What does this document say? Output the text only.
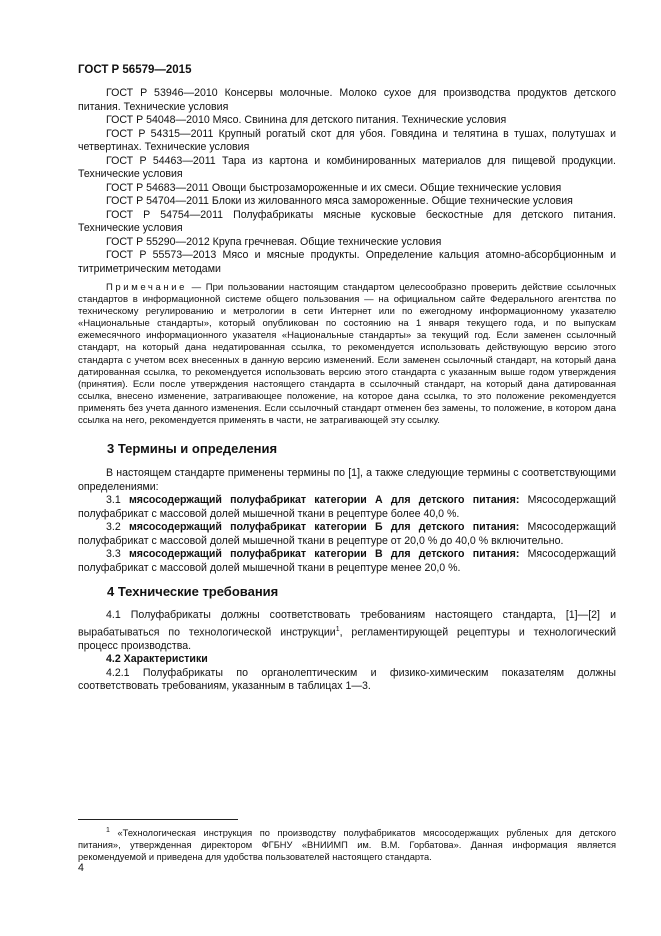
ГОСТ Р 56579—2015

ГОСТ Р 53946—2010 Консервы молочные. Молоко сухое для производства продуктов детского питания. Технические условия

ГОСТ Р 54048—2010 Мясо. Свинина для детского питания. Технические условия

ГОСТ Р 54315—2011 Крупный рогатый скот для убоя. Говядина и телятина в тушах, полутушах и четвертинах. Технические условия

ГОСТ Р 54463—2011 Тара из картона и комбинированных материалов для пищевой продукции. Технические условия

ГОСТ Р 54683—2011 Овощи быстрозамороженные и их смеси. Общие технические условия

ГОСТ Р 54704—2011 Блоки из жилованного мяса замороженные. Общие технические условия

ГОСТ Р 54754—2011 Полуфабрикаты мясные кусковые бескостные для детского питания. Технические условия

ГОСТ Р 55290—2012 Крупа гречневая. Общие технические условия

ГОСТ Р 55573—2013 Мясо и мясные продукты. Определение кальция атомно-абсорбционным и титриметрическим методами

Примечание — При пользовании настоящим стандартом целесообразно проверить действие ссылочных стандартов в информационной системе общего пользования — на официальном сайте Федерального агентства по техническому регулированию и метрологии в сети Интернет или по ежегодному информационному указателю «Национальные стандарты», который опубликован по состоянию на 1 января текущего года, и по выпускам ежемесячного информационного указателя «Национальные стандарты» за текущий год. Если заменен ссылочный стандарт, на который дана недатированная ссылка, то рекомендуется использовать действующую версию этого стандарта с учетом всех внесенных в данную версию изменений. Если заменен ссылочный стандарт, на который дана датированная ссылка, то рекомендуется использовать версию этого стандарта с указанным выше годом утверждения (принятия). Если после утверждения настоящего стандарта в ссылочный стандарт, на который дана датированная ссылка, внесено изменение, затрагивающее положение, на которое дана ссылка, то это положение рекомендуется применять без учета данного изменения. Если ссылочный стандарт отменен без замены, то положение, в котором дана ссылка на него, рекомендуется применять в части, не затрагивающей эту ссылку.

3 Термины и определения

В настоящем стандарте применены термины по [1], а также следующие термины с соответствующими определениями:

3.1 мясосодержащий полуфабрикат категории А для детского питания: Мясосодержащий полуфабрикат с массовой долей мышечной ткани в рецептуре более 40,0 %.

3.2 мясосодержащий полуфабрикат категории Б для детского питания: Мясосодержащий полуфабрикат с массовой долей мышечной ткани в рецептуре от 20,0 % до 40,0 % включительно.

3.3 мясосодержащий полуфабрикат категории В для детского питания: Мясосодержащий полуфабрикат с массовой долей мышечной ткани в рецептуре менее 20,0 %.

4 Технические требования

4.1 Полуфабрикаты должны соответствовать требованиям настоящего стандарта, [1]—[2] и вырабатываться по технологической инструкции$^1$, регламентирующей рецептуры и технологический процесс производства.

4.2 Характеристики

4.2.1 Полуфабрикаты по органолептическим и физико-химическим показателям должны соответствовать требованиям, указанным в таблицах 1—3.

$^1$ «Технологическая инструкция по производству полуфабрикатов мясосодержащих рубленых для детского питания», утвержденная директором ФГБНУ «ВНИИМП им. В.М. Горбатова». Данная информация является рекомендуемой и приведена для удобства пользователей настоящего стандарта.

4
